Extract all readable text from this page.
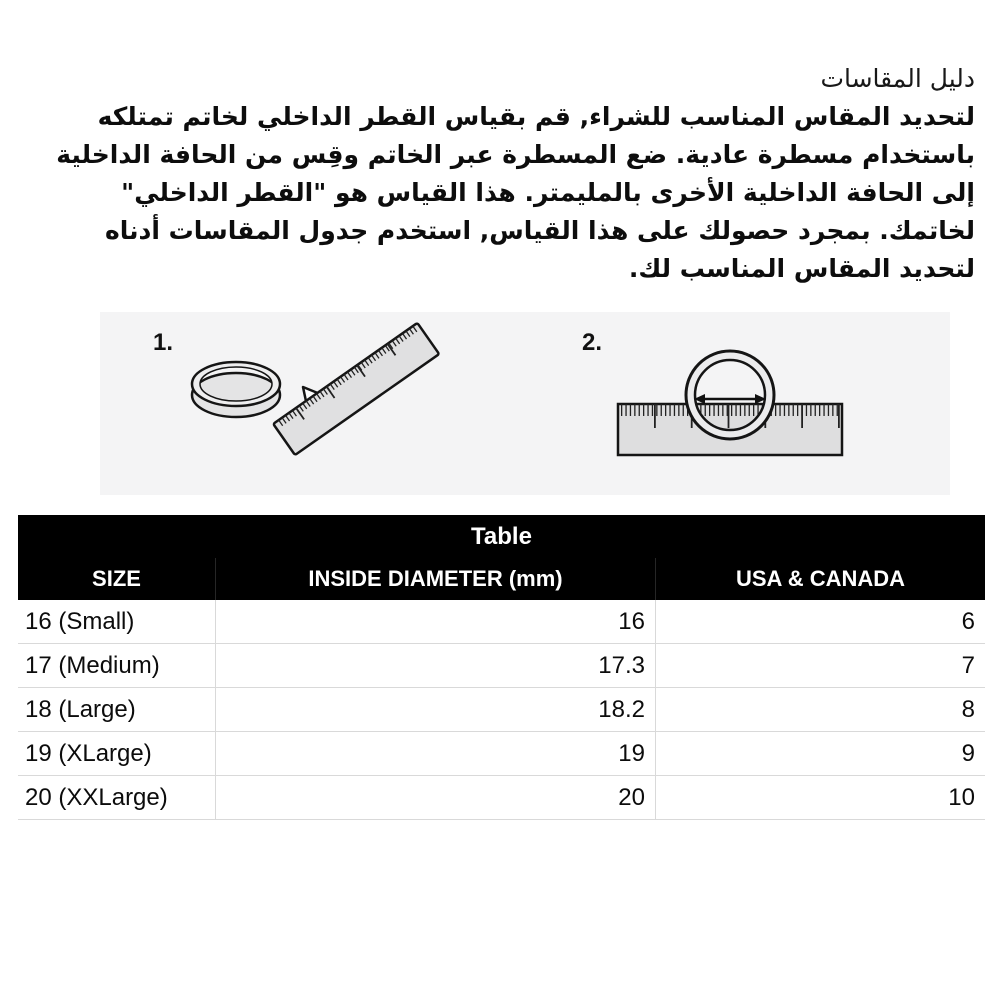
دليل المقاسات
لتحديد المقاس المناسب للشراء, قم بقياس القطر الداخلي لخاتم تمتلكه
باستخدام مسطرة عادية. ضع المسطرة عبر الخاتم وقِس من الحافة الداخلية
إلى الحافة الداخلية الأخرى بالمليمتر. هذا القياس هو "القطر الداخلي"
لخاتمك. بمجرد حصولك على هذا القياس, استخدم جدول المقاسات أدناه
لتحديد المقاس المناسب لك.
1.	2.
Table
SIZE	INSIDE DIAMETER (mm)	USA & CANADA
16 (Small)	16	6
17 (Medium)	17.3	7
18 (Large)	18.2	8
19 (XLarge)	19	9
20 (XXLarge)	20	10
